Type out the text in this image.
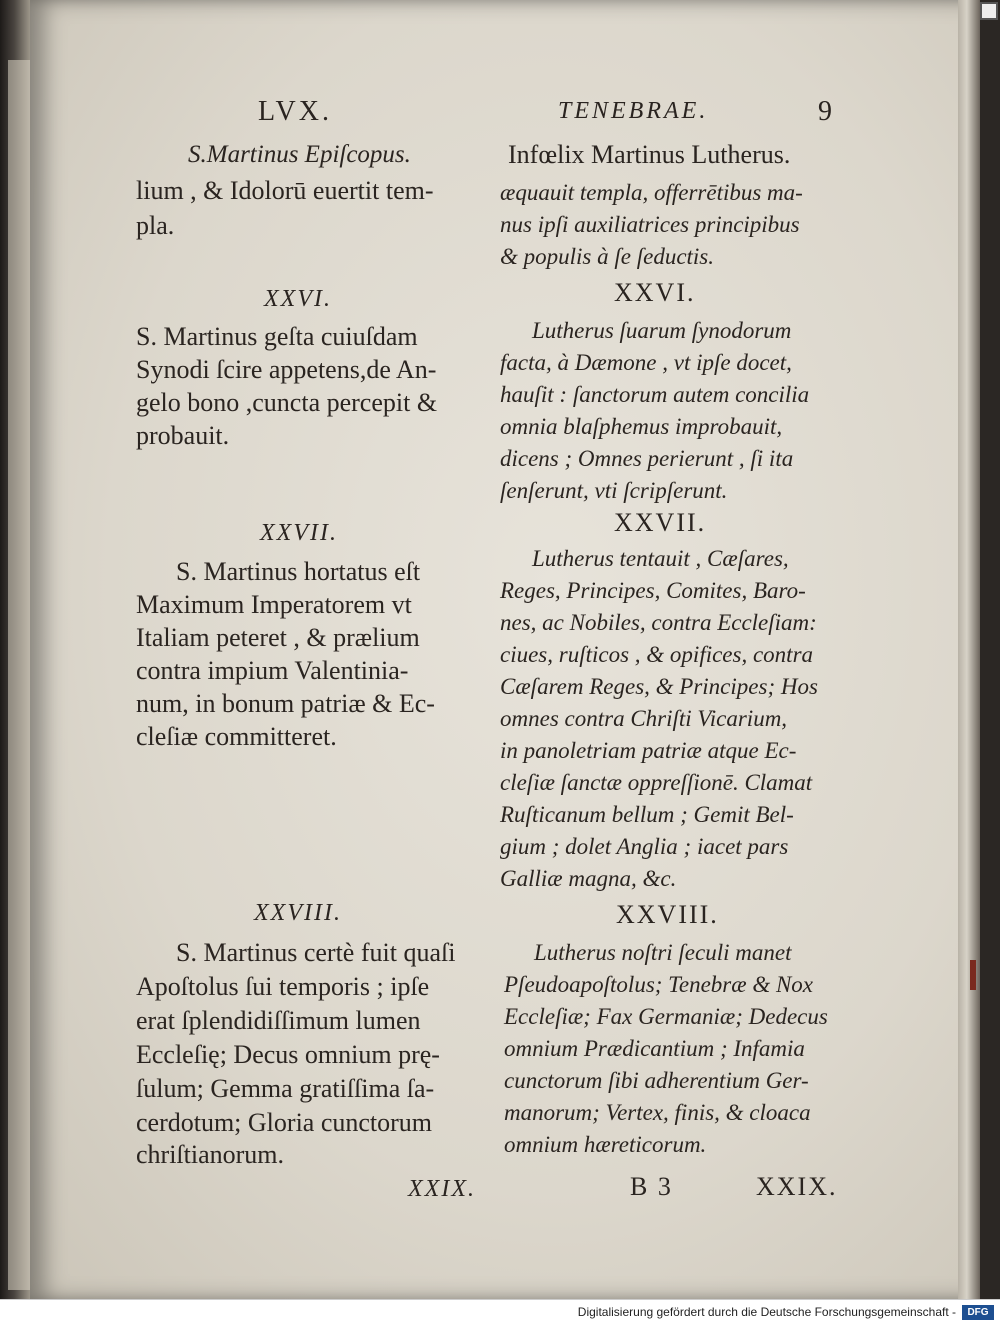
LVX.	TENEBRAE.	9
S.Martinus Epiſcopus.
lium , & Idolorū euertit tem-
pla.
XXVI.
S. Martinus geſta cuiuſdam
Synodi ſcire appetens,de An-
gelo bono ,cuncta percepit &
probauit.
XXVII.
S. Martinus hortatus eſt
Maximum Imperatorem vt
Italiam peteret , & prælium
contra impium Valentinia-
num, in bonum patriæ & Ec-
cleſiæ committeret.
XXVIII.
S. Martinus certè fuit quaſi
Apoſtolus ſui temporis ; ipſe
erat ſplendidiſſimum lumen
Eccleſię; Decus omnium prę-
ſulum; Gemma gratiſſima ſa-
cerdotum; Gloria cunctorum
chriſtianorum.
XXIX.
Infœlix Martinus Lutherus.
æquauit templa, offerrētibus ma-
nus ipſi auxiliatrices principibus
& populis à ſe ſeductis.
XXVI.
Lutherus ſuarum ſynodorum
facta, à Dæmone , vt ipſe docet,
hauſit : ſanctorum autem concilia
omnia blaſphemus improbauit,
dicens ; Omnes perierunt , ſi ita
ſenſerunt, vti ſcripſerunt.
XXVII.
Lutherus tentauit , Cæſares,
Reges, Principes, Comites, Baro-
nes, ac Nobiles, contra Eccleſiam:
ciues, ruſticos , & opifices, contra
Cæſarem Reges, & Principes; Hos
omnes contra Chriſti Vicarium,
in panoletriam patriæ atque Ec-
cleſiæ ſanctæ oppreſſionē. Clamat
Ruſticanum bellum ; Gemit Bel-
gium ; dolet Anglia ; iacet pars
Galliæ magna, &c.
XXVIII.
Lutherus noſtri ſeculi manet
Pſeudoapoſtolus; Tenebræ & Nox
Eccleſiæ; Fax Germaniæ; Dedecus
omnium Prædicantium ; Infamia
cunctorum ſibi adherentium Ger-
manorum; Vertex, finis, & cloaca
omnium hæreticorum.
B 3	XXIX.
Digitalisierung gefördert durch die Deutsche Forschungsgemeinschaft -	DFG
